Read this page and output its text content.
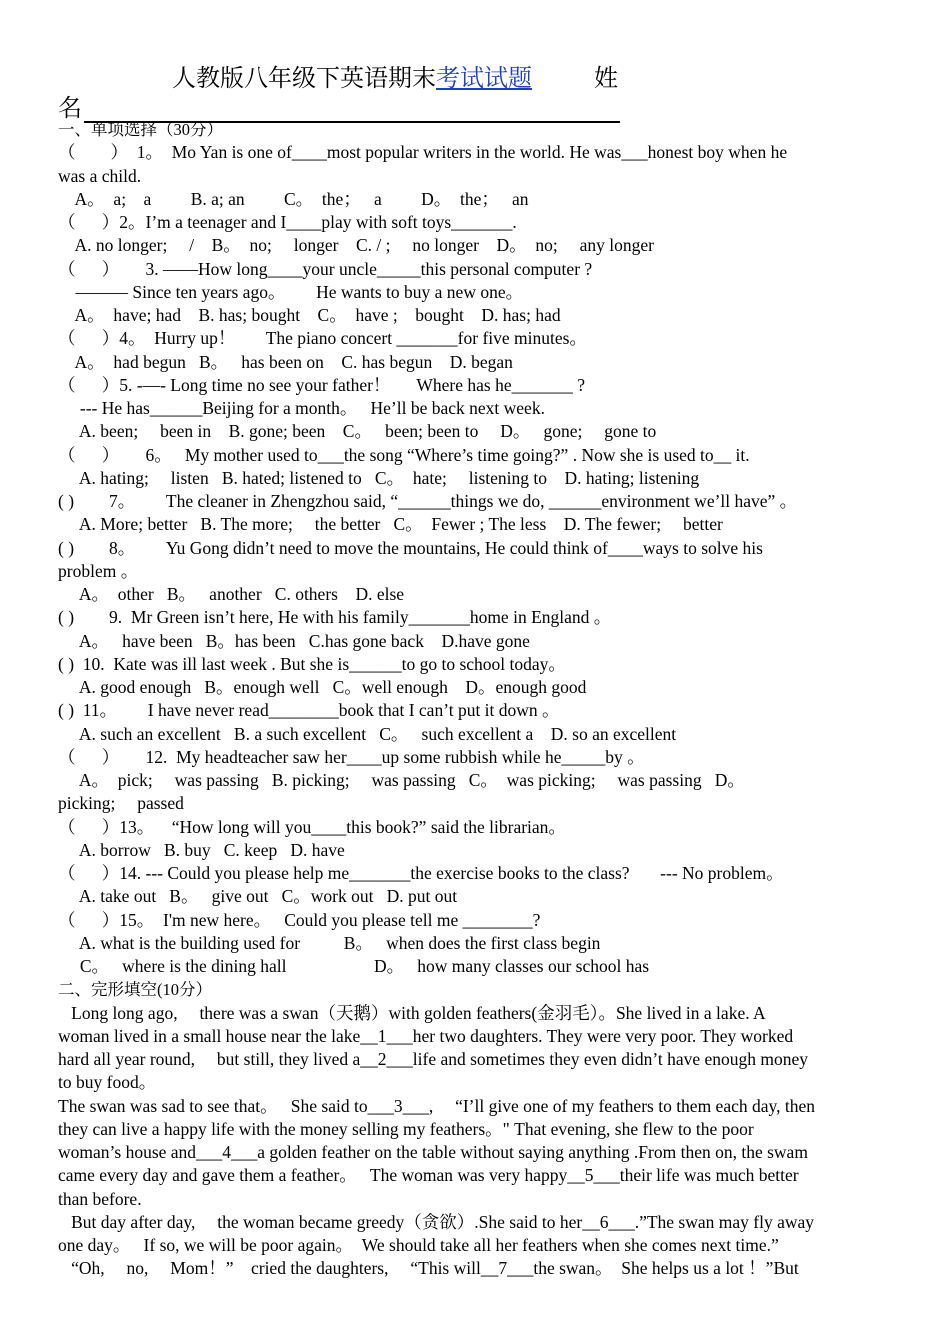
人教版八年级下英语期末考试试题	姓
名
一、单项选择（30分）
（        ）  1。  Mo Yan is one of____most popular writers in the world. He was___honest boy when he
was a child.
A。  a;    a         B. a; an         C。  the；   a         D。  the；   an
（      ）2。I’m a teenager and I____play with soft toys_______.
A. no longer;     /    B。  no;     longer    C. / ;     no longer    D。  no;     any longer
（      ）      3. ——How long____your uncle_____this personal computer ?
——— Since ten years ago。       He wants to buy a new one。
A。  have; had    B. has; bought    C。  have ;    bought    D. has; had
（      ）4。  Hurry up！       The piano concert _______for five minutes。
A。  had begun   B。   has been on    C. has begun    D. began
（      ）5. -—- Long time no see your father！      Where has he_______ ?
--- He has______Beijing for a month。   He’ll be back next week.
A. been;     been in    B. gone; been    C。   been; been to     D。   gone;     gone to
（      ）      6。   My mother used to___the song “Where’s time going?” . Now she is used to__ it.
A. hating;     listen   B. hated; listened to   C。  hate;     listening to    D. hating; listening
( )        7。       The cleaner in Zhengzhou said, “______things we do, ______environment we’ll have” 。
A. More; better   B. The more;     the better   C。  Fewer ; The less    D. The fewer;     better
( )        8。       Yu Gong didn’t need to move the mountains, He could think of____ways to solve his
problem 。
A。  other   B。   another   C. others    D. else
( )        9.  Mr Green isn’t here, He with his family_______home in England 。
A。   have been   B。has been   C.has gone back    D.have gone
( )  10.  Kate was ill last week . But she is______to go to school today。
A. good enough   B。enough well   C。well enough    D。enough good
( )  11。       I have never read________book that I can’t put it down 。
A. such an excellent   B. a such excellent   C。   such excellent a    D. so an excellent
（      ）      12.  My headteacher saw her____up some rubbish while he_____by 。
A。  pick;     was passing   B. picking;     was passing   C。  was picking;     was passing   D。
picking;     passed
（      ）13。    “How long will you____this book?” said the librarian。
A. borrow   B. buy   C. keep   D. have
（      ）14. --- Could you please help me_______the exercise books to the class?       --- No problem。
A. take out   B。   give out   C。work out   D. put out
（      ）15。  I'm new here。   Could you please tell me ________?
A. what is the building used for          B。   when does the first class begin
C。   where is the dining hall                    D。   how many classes our school has
二、完形填空(10分）
Long long ago,     there was a swan（天鹅）with golden feathers(金羽毛）。She lived in a lake. A
woman lived in a small house near the lake__1___her two daughters. They were very poor. They worked
hard all year round,     but still, they lived a__2___life and sometimes they even didn’t have enough money
to buy food。
The swan was sad to see that。   She said to___3___,     “I’ll give one of my feathers to them each day, then
they can live a happy life with the money selling my feathers。" That evening, she flew to the poor
woman’s house and___4___a golden feather on the table without saying anything .From then on, the swam
came every day and gave them a feather。   The woman was very happy__5___their life was much better
than before.
But day after day,     the woman became greedy（贪欲）.She said to her__6___.”The swan may fly away
one day。   If so, we will be poor again。  We should take all her feathers when she comes next time.”
“Oh,     no,     Mom！”    cried the daughters,     “This will__7___the swan。  She helps us a lot ！”But
